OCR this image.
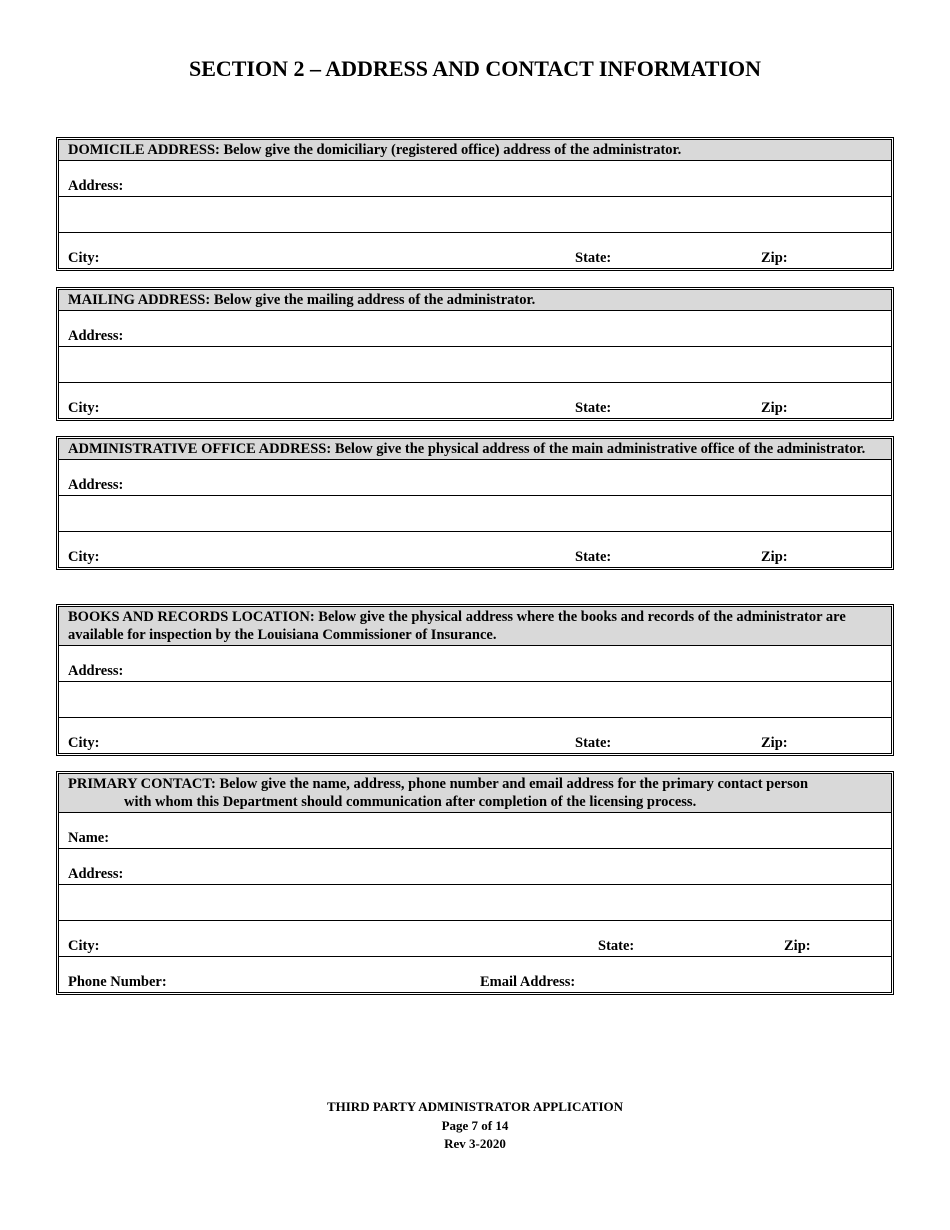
SECTION 2 – ADDRESS AND CONTACT INFORMATION
DOMICILE ADDRESS: Below give the domiciliary (registered office) address of the administrator.
Address:
City:	State:	Zip:
MAILING ADDRESS: Below give the mailing address of the administrator.
Address:
City:	State:	Zip:
ADMINISTRATIVE OFFICE ADDRESS: Below give the physical address of the main administrative office of the administrator.
Address:
City:	State:	Zip:
BOOKS AND RECORDS LOCATION: Below give the physical address where the books and records of the administrator are available for inspection by the Louisiana Commissioner of Insurance.
Address:
City:	State:	Zip:
PRIMARY CONTACT: Below give the name, address, phone number and email address for the primary contact person
with whom this Department should communication after completion of the licensing process.
Name:
Address:
City:	State:	Zip:
Phone Number:	Email Address:
THIRD PARTY ADMINISTRATOR APPLICATION
Page 7 of 14
Rev 3-2020
